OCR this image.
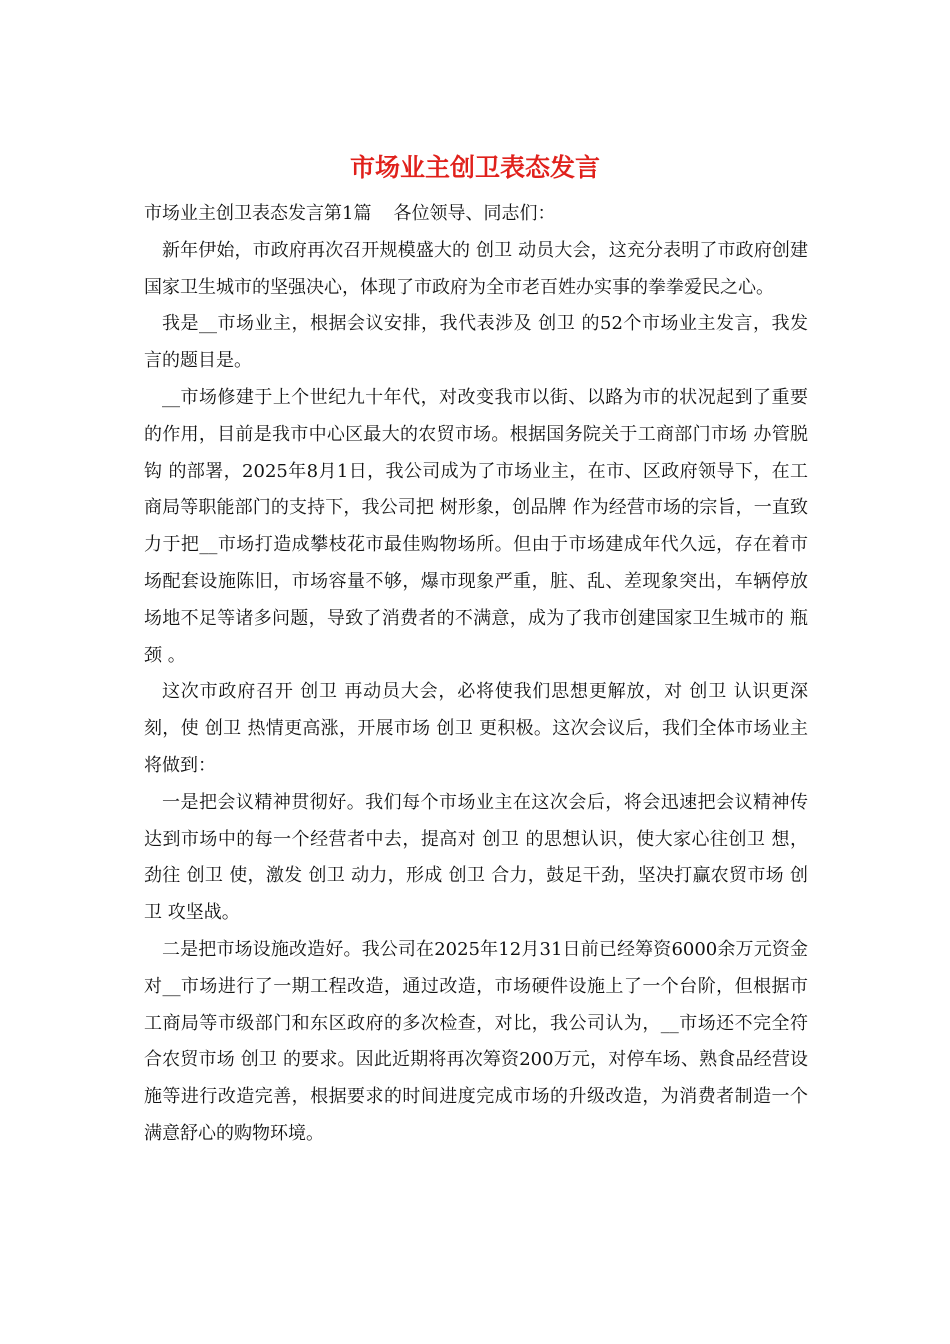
市场业主创卫表态发言

市场业主创卫表态发言第1篇 各位领导、同志们：

新年伊始，市政府再次召开规模盛大的 创卫 动员大会，这充分表明了市政府创建国家卫生城市的坚强决心，体现了市政府为全市老百姓办实事的拳拳爱民之心。

我是__市场业主，根据会议安排，我代表涉及 创卫 的52个市场业主发言，我发言的题目是。

__市场修建于上个世纪九十年代，对改变我市以街、以路为市的状况起到了重要的作用，目前是我市中心区最大的农贸市场。根据国务院关于工商部门市场 办管脱钩 的部署，2025年8月1日，我公司成为了市场业主，在市、区政府领导下，在工商局等职能部门的支持下，我公司把 树形象，创品牌 作为经营市场的宗旨，一直致力于把__市场打造成攀枝花市最佳购物场所。但由于市场建成年代久远，存在着市场配套设施陈旧，市场容量不够，爆市现象严重，脏、乱、差现象突出，车辆停放场地不足等诸多问题，导致了消费者的不满意，成为了我市创建国家卫生城市的 瓶颈 。

这次市政府召开 创卫 再动员大会，必将使我们思想更解放，对 创卫 认识更深刻，使 创卫 热情更高涨，开展市场 创卫 更积极。这次会议后，我们全体市场业主将做到：

一是把会议精神贯彻好。我们每个市场业主在这次会后，将会迅速把会议精神传达到市场中的每一个经营者中去，提高对 创卫 的思想认识，使大家心往创卫 想，劲往 创卫 使，激发 创卫 动力，形成 创卫 合力，鼓足干劲，坚决打赢农贸市场 创卫 攻坚战。

二是把市场设施改造好。我公司在2025年12月31日前已经筹资6000余万元资金对__市场进行了一期工程改造，通过改造，市场硬件设施上了一个台阶，但根据市工商局等市级部门和东区政府的多次检查，对比，我公司认为，__市场还不完全符合农贸市场 创卫 的要求。因此近期将再次筹资200万元，对停车场、熟食品经营设施等进行改造完善，根据要求的时间进度完成市场的升级改造，为消费者制造一个满意舒心的购物环境。
